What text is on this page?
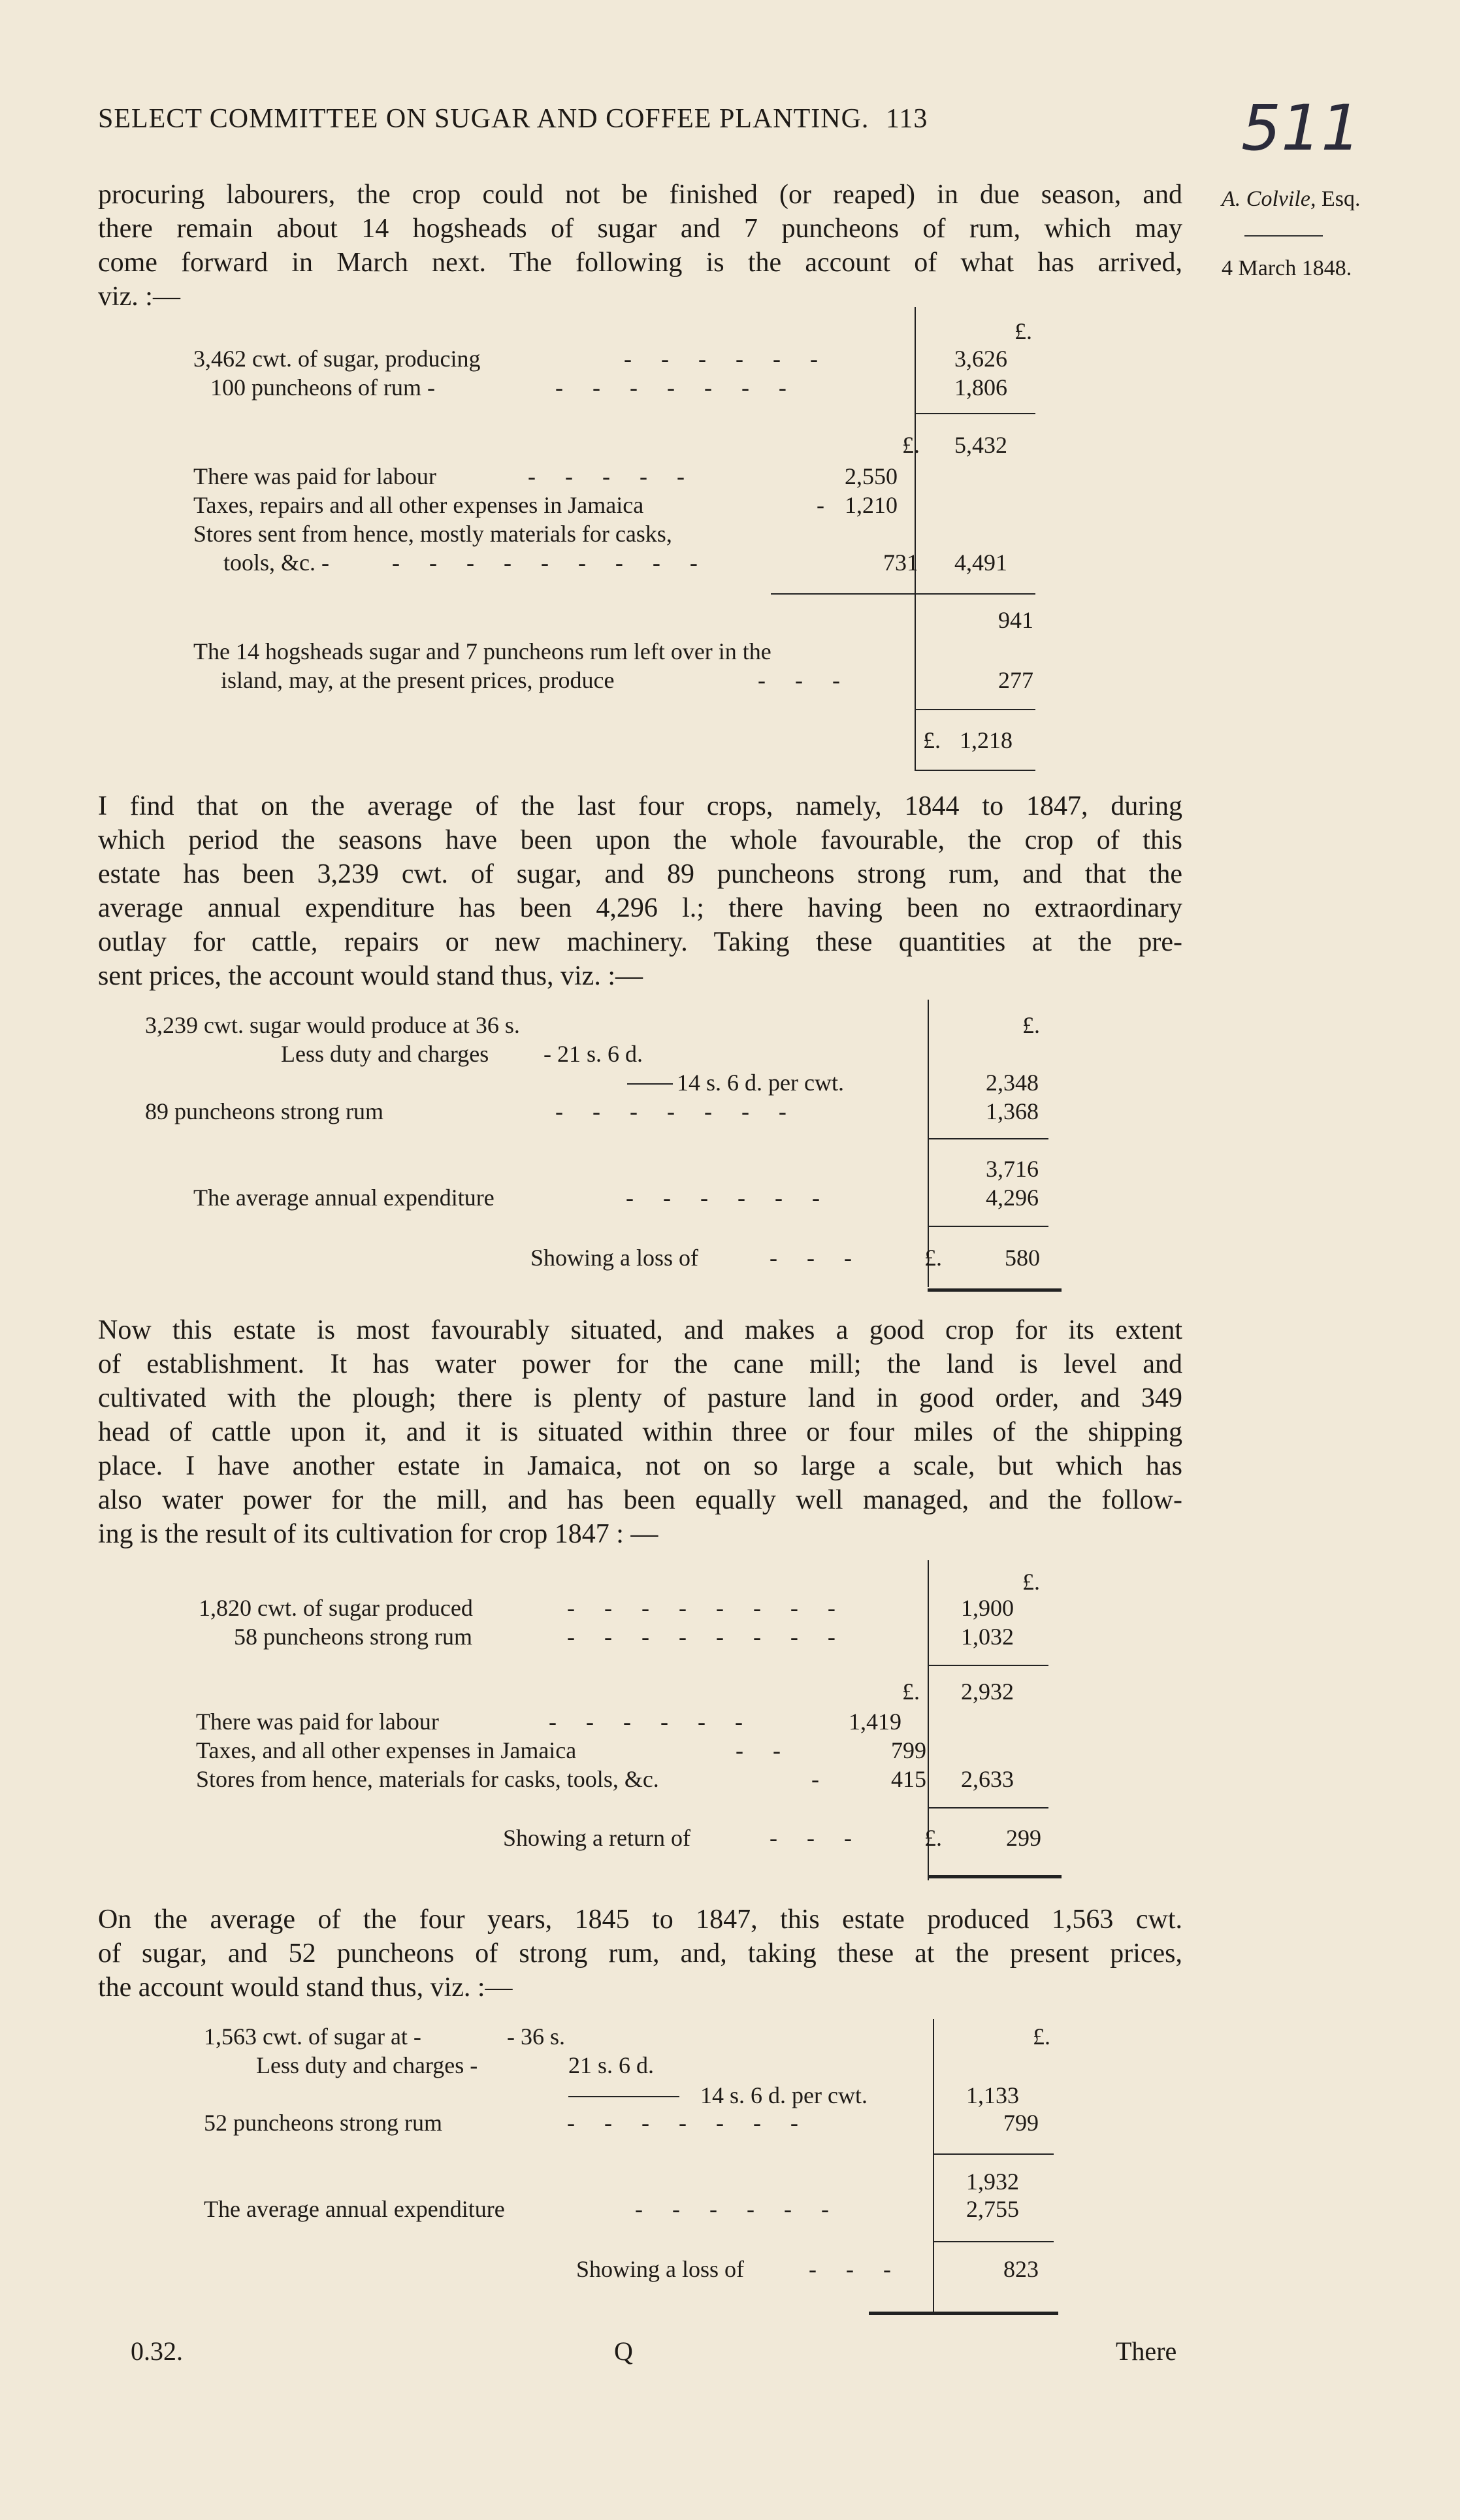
SELECT COMMITTEE ON SUGAR AND COFFEE PLANTING. 113	511
A. Colvile, Esq.
4 March 1848.
procuring labourers, the crop could not be finished (or reaped) in due season, and
there remain about 14 hogsheads of sugar and 7 puncheons of rum, which may
come forward in March next. The following is the account of what has arrived,
viz. :—
£.
3,462 cwt. of sugar, producing	- - - - - -	3,626
100 puncheons of rum -	- - - - - - -	1,806
£. 5,432
There was paid for labour	- - - - -	2,550
Taxes, repairs and all other expenses in Jamaica	- 1,210
Stores sent from hence, mostly materials for casks,
tools, &c. -	- - - - - - - - -	731 4,491
941
The 14 hogsheads sugar and 7 puncheons rum left over in the
island, may, at the present prices, produce	- - -	277
£. 1,218
I find that on the average of the last four crops, namely, 1844 to 1847, during
which period the seasons have been upon the whole favourable, the crop of this
estate has been 3,239 cwt. of sugar, and 89 puncheons strong rum, and that the
average annual expenditure has been 4,296 l.; there having been no extraordinary
outlay for cattle, repairs or new machinery. Taking these quantities at the pre-
sent prices, the account would stand thus, viz. :—
£.
3,239 cwt. sugar would produce at 36 s.
Less duty and charges - 21 s. 6 d.
14 s. 6 d. per cwt.	2,348
89 puncheons strong rum	- - - - - - -	1,368
3,716
The average annual expenditure	- - - - - -	4,296
Showing a loss of	- - -	£.	580
Now this estate is most favourably situated, and makes a good crop for its extent
of establishment. It has water power for the cane mill; the land is level and
cultivated with the plough; there is plenty of pasture land in good order, and 349
head of cattle upon it, and it is situated within three or four miles of the shipping
place. I have another estate in Jamaica, not on so large a scale, but which has
also water power for the mill, and has been equally well managed, and the follow-
ing is the result of its cultivation for crop 1847 : —
£.
1,820 cwt. of sugar produced	- - - - - - - -	1,900
58 puncheons strong rum	- - - - - - - -	1,032
£. 2,932
There was paid for labour	- - - - - -	1,419
Taxes, and all other expenses in Jamaica	- -	799
Stores from hence, materials for casks, tools, &c.	-	415 2,633
Showing a return of	- - -	£.	299
On the average of the four years, 1845 to 1847, this estate produced 1,563 cwt.
of sugar, and 52 puncheons of strong rum, and, taking these at the present prices,
the account would stand thus, viz. :—
£.
1,563 cwt. of sugar at -	- 36 s.
Less duty and charges -	21 s. 6 d.
14 s. 6 d. per cwt.	1,133
52 puncheons strong rum	- - - - - - -	799
1,932
The average annual expenditure	- - - - - -	2,755
Showing a loss of	- - -	823
0.32.	Q	There
